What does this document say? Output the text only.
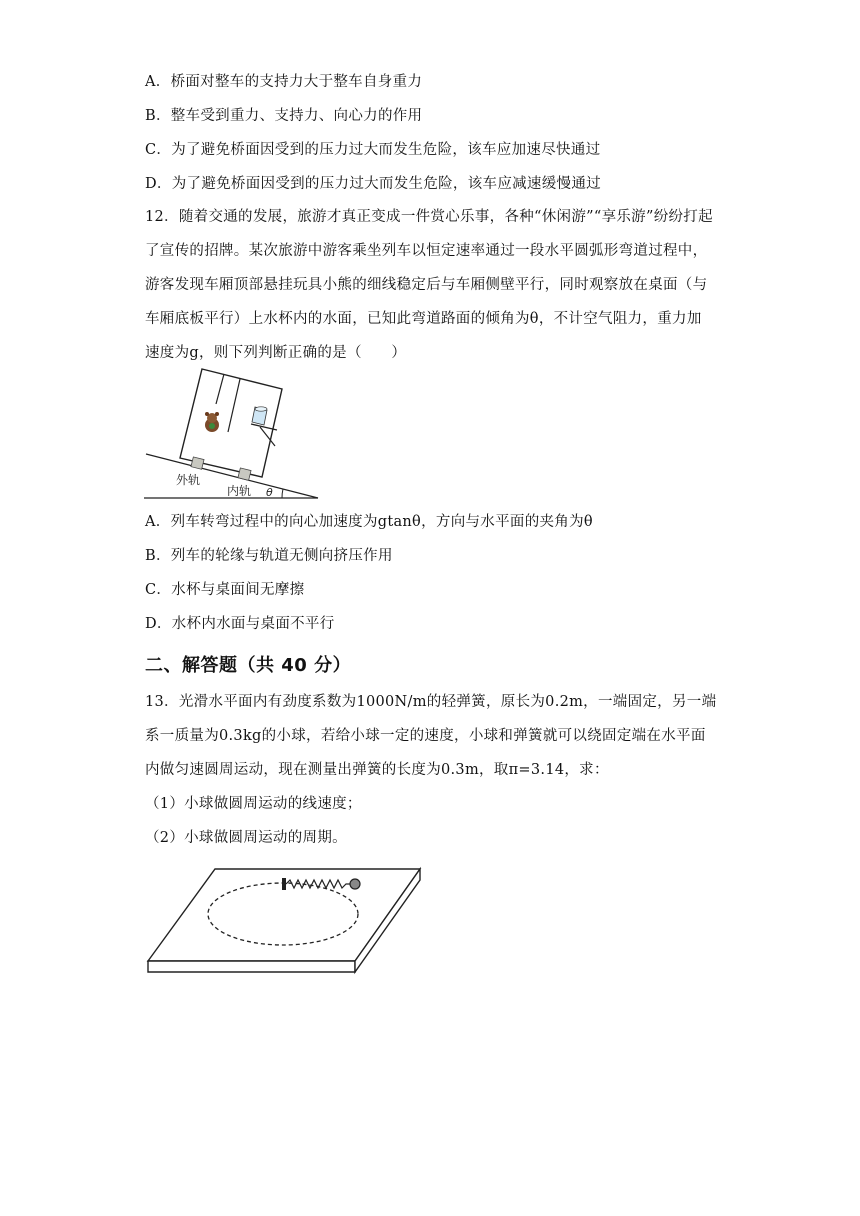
A．桥面对整车的支持力大于整车自身重力
B．整车受到重力、支持力、向心力的作用
C．为了避免桥面因受到的压力过大而发生危险，该车应加速尽快通过
D．为了避免桥面因受到的压力过大而发生危险，该车应减速缓慢通过
12．随着交通的发展，旅游才真正变成一件赏心乐事，各种“休闲游”“享乐游”纷纷打起
了宣传的招牌。某次旅游中游客乘坐列车以恒定速率通过一段水平圆弧形弯道过程中，
游客发现车厢顶部悬挂玩具小熊的细线稳定后与车厢侧壁平行，同时观察放在桌面（与
车厢底板平行）上水杯内的水面，已知此弯道路面的倾角为θ，不计空气阻力，重力加
速度为g，则下列判断正确的是（　　）
外轨
内轨 θ
A．列车转弯过程中的向心加速度为gtanθ，方向与水平面的夹角为θ
B．列车的轮缘与轨道无侧向挤压作用
C．水杯与桌面间无摩擦
D．水杯内水面与桌面不平行
二、解答题（共 40 分）
13．光滑水平面内有劲度系数为1000N/m的轻弹簧，原长为0.2m，一端固定，另一端
系一质量为0.3kg的小球，若给小球一定的速度，小球和弹簧就可以绕固定端在水平面
内做匀速圆周运动，现在测量出弹簧的长度为0.3m，取π=3.14，求：
（1）小球做圆周运动的线速度；
（2）小球做圆周运动的周期。
